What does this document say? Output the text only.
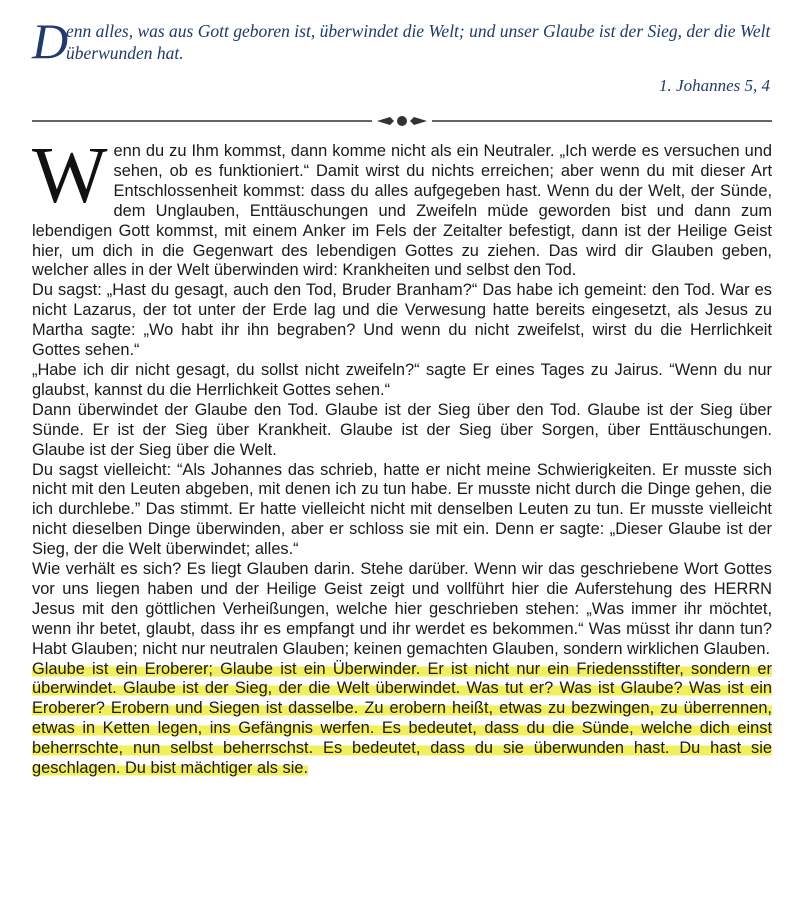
D
enn alles, was aus Gott geboren ist, überwindet die Welt; und unser Glaube ist der Sieg, der die Welt überwunden hat.
1. Johannes 5, 4
W enn du zu Ihm kommst, dann komme nicht als ein Neutraler. „Ich werde es versuchen und sehen, ob es funktioniert.“ Damit wirst du nichts erreichen; aber wenn du mit dieser Art Entschlossenheit kommst: dass du alles aufgegeben hast. Wenn du der Welt, der Sünde, dem Unglauben, Enttäuschungen und Zweifeln müde geworden bist und dann zum lebendigen Gott kommst, mit einem Anker im Fels der Zeitalter befestigt, dann ist der Heilige Geist hier, um dich in die Gegenwart des lebendigen Gottes zu ziehen. Das wird dir Glauben geben, welcher alles in der Welt überwinden wird: Krankheiten und selbst den Tod.

Du sagst: „Hast du gesagt, auch den Tod, Bruder Branham?“ Das habe ich gemeint: den Tod. War es nicht Lazarus, der tot unter der Erde lag und die Verwesung hatte bereits eingesetzt, als Jesus zu Martha sagte: „Wo habt ihr ihn begraben? Und wenn du nicht zweifelst, wirst du die Herrlichkeit Gottes sehen.“

„Habe ich dir nicht gesagt, du sollst nicht zweifeln?“ sagte Er eines Tages zu Jairus. “Wenn du nur glaubst, kannst du die Herrlichkeit Gottes sehen.“

Dann überwindet der Glaube den Tod. Glaube ist der Sieg über den Tod. Glaube ist der Sieg über Sünde. Er ist der Sieg über Krankheit. Glaube ist der Sieg über Sorgen, über Enttäuschungen. Glaube ist der Sieg über die Welt.

Du sagst vielleicht: “Als Johannes das schrieb, hatte er nicht meine Schwierigkeiten. Er musste sich nicht mit den Leuten abgeben, mit denen ich zu tun habe. Er musste nicht durch die Dinge gehen, die ich durchlebe.” Das stimmt. Er hatte vielleicht nicht mit denselben Leuten zu tun. Er musste vielleicht nicht dieselben Dinge überwinden, aber er schloss sie mit ein. Denn er sagte: „Dieser Glaube ist der Sieg, der die Welt überwindet; alles.“

Wie verhält es sich? Es liegt Glauben darin. Stehe darüber. Wenn wir das geschriebene Wort Gottes vor uns liegen haben und der Heilige Geist zeigt und vollführt hier die Auferstehung des HERRN Jesus mit den göttlichen Verheißungen, welche hier geschrieben stehen: „Was immer ihr möchtet, wenn ihr betet, glaubt, dass ihr es empfangt und ihr werdet es bekommen.“ Was müsst ihr dann tun? Habt Glauben; nicht nur neutralen Glauben; keinen gemachten Glauben, sondern wirklichen Glauben.

Glaube ist ein Eroberer; Glaube ist ein Überwinder. Er ist nicht nur ein Friedensstifter, sondern er überwindet. Glaube ist der Sieg, der die Welt überwindet. Was tut er? Was ist Glaube? Was ist ein Eroberer? Erobern und Siegen ist dasselbe. Zu erobern heißt, etwas zu bezwingen, zu überrennen, etwas in Ketten legen, ins Gefängnis werfen. Es bedeutet, dass du die Sünde, welche dich einst beherrschte, nun selbst beherrschst. Es bedeutet, dass du sie überwunden hast. Du hast sie geschlagen. Du bist mächtiger als sie.
